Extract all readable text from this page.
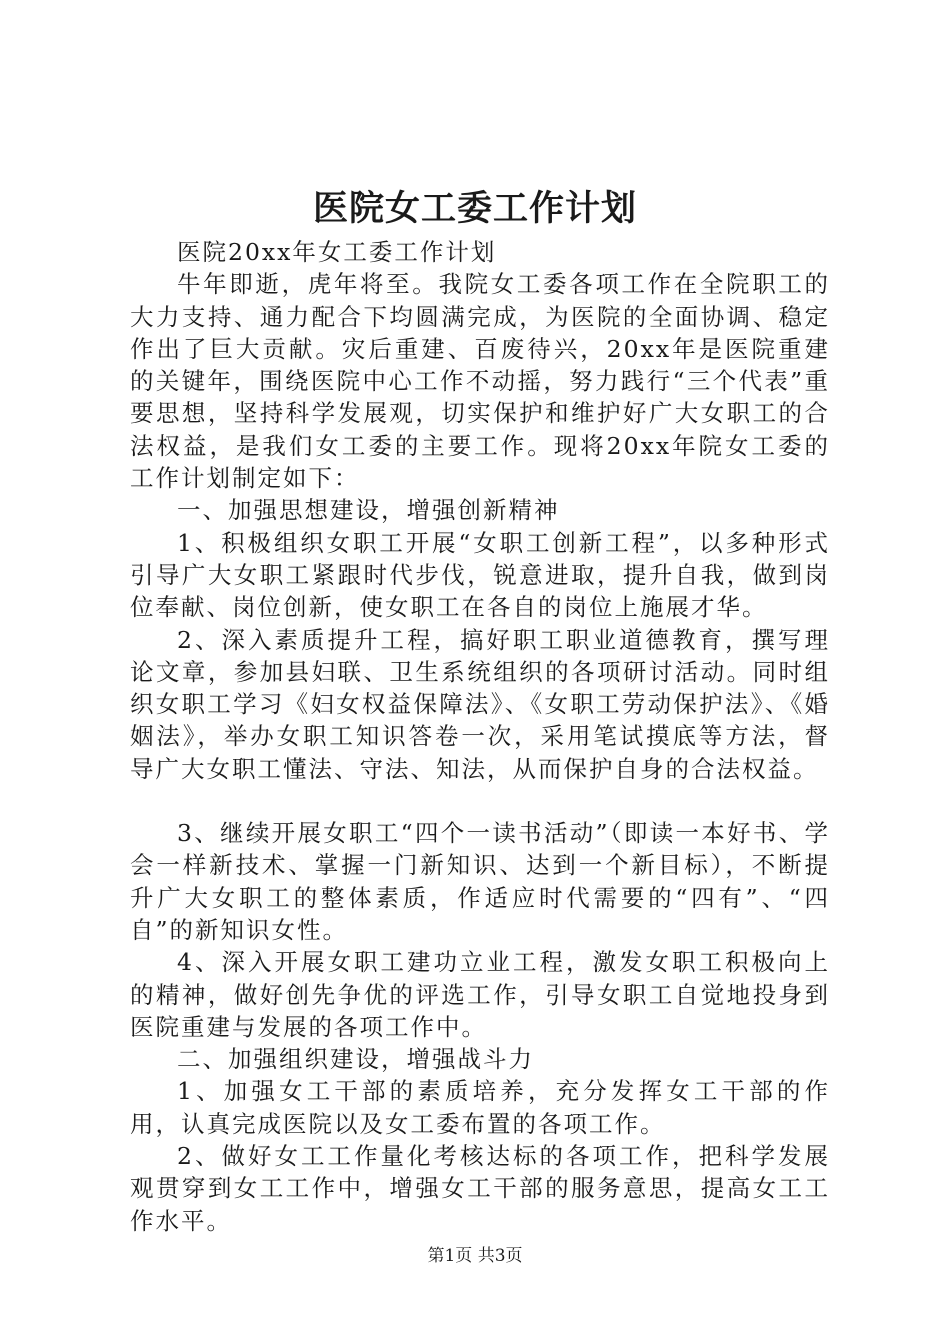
医院女工委工作计划

医院20xx年女工委工作计划

牛年即逝，虎年将至。我院女工委各项工作在全院职工的大力支持、通力配合下均圆满完成，为医院的全面协调、稳定作出了巨大贡献。灾后重建、百废待兴，20xx年是医院重建的关键年，围绕医院中心工作不动摇，努力践行“三个代表”重要思想，坚持科学发展观，切实保护和维护好广大女职工的合法权益，是我们女工委的主要工作。现将20xx年院女工委的工作计划制定如下：

一、加强思想建设，增强创新精神

1、积极组织女职工开展“女职工创新工程”，以多种形式引导广大女职工紧跟时代步伐，锐意进取，提升自我，做到岗位奉献、岗位创新，使女职工在各自的岗位上施展才华。

2、深入素质提升工程，搞好职工职业道德教育，撰写理论文章，参加县妇联、卫生系统组织的各项研讨活动。同时组织女职工学习《妇女权益保障法》、《女职工劳动保护法》、《婚姻法》，举办女职工知识答卷一次，采用笔试摸底等方法，督导广大女职工懂法、守法、知法，从而保护自身的合法权益。

3、继续开展女职工“四个一读书活动”（即读一本好书、学会一样新技术、掌握一门新知识、达到一个新目标），不断提升广大女职工的整体素质，作适应时代需要的“四有”、“四自”的新知识女性。

4、深入开展女职工建功立业工程，激发女职工积极向上的精神，做好创先争优的评选工作，引导女职工自觉地投身到医院重建与发展的各项工作中。

二、加强组织建设，增强战斗力

1、加强女工干部的素质培养，充分发挥女工干部的作用，认真完成医院以及女工委布置的各项工作。

2、做好女工工作量化考核达标的各项工作，把科学发展观贯穿到女工工作中，增强女工干部的服务意思，提高女工工作水平。

第1页 共3页
